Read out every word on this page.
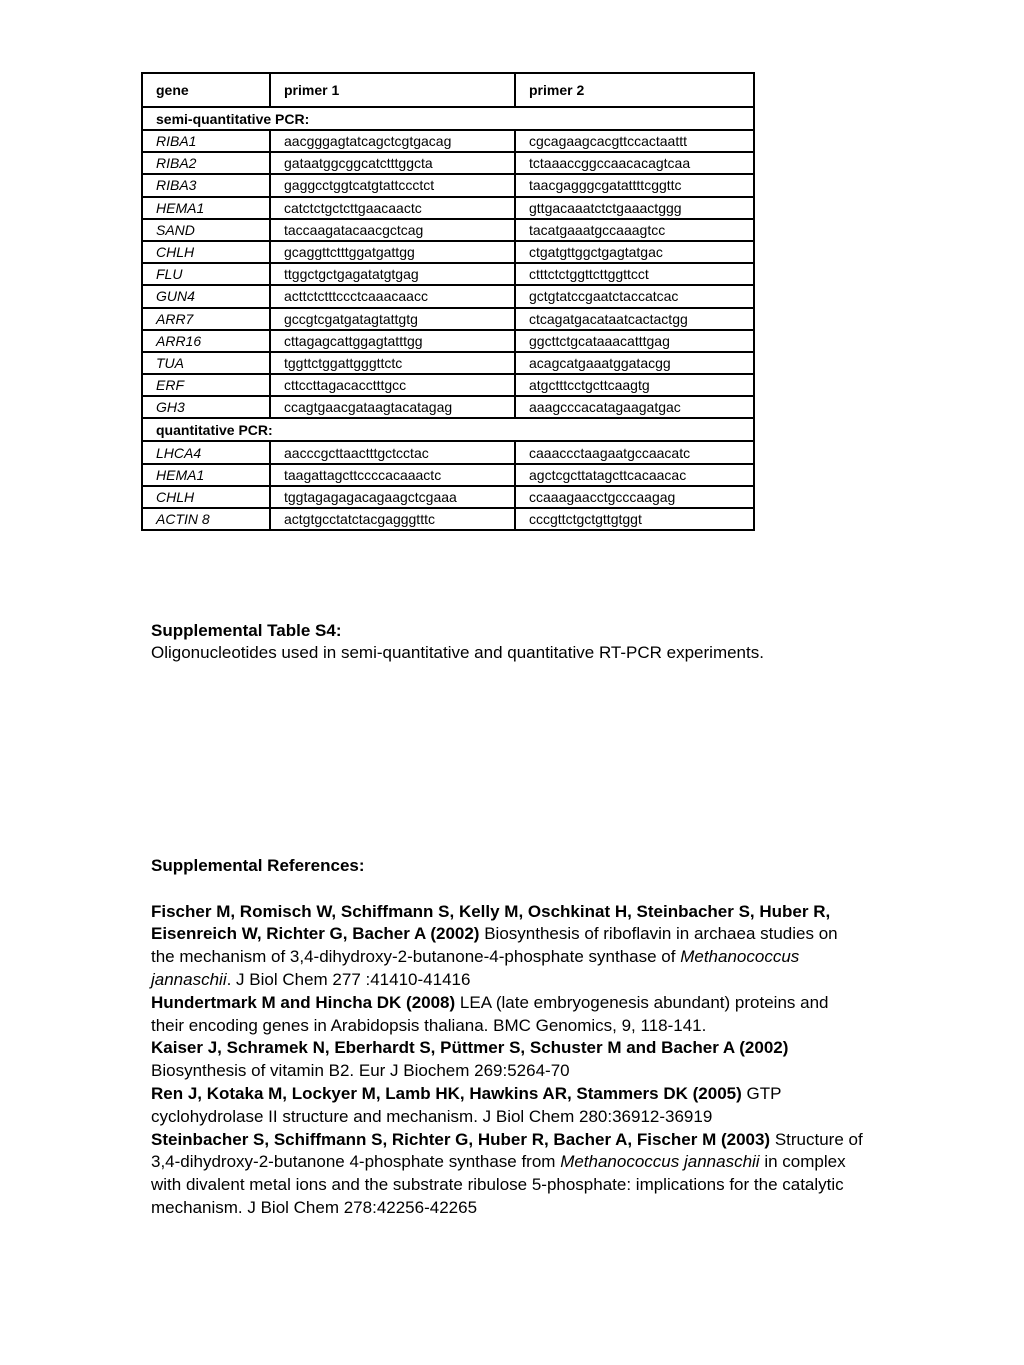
gene	primer 1	primer 2
semi-quantitative PCR:		
RIBA1	aacgggagtatcagctcgtgacag	cgcagaagcacgttccactaattt
RIBA2	gataatggcggcatctttggcta	tctaaaccggccaacacagtcaa
RIBA3	gaggcctggtcatgtattccctct	taacgagggcgatattttcggttc
HEMA1	catctctgctcttgaacaactc	gttgacaaatctctgaaactggg
SAND	taccaagatacaacgctcag	tacatgaaatgccaaagtcc
CHLH	gcaggttctttggatgattgg	ctgatgttggctgagtatgac
FLU	ttggctgctgagatatgtgag	ctttctctggttcttggttcct
GUN4	acttctctttccctcaaacaacc	gctgtatccgaatctaccatcac
ARR7	gccgtcgatgatagtattgtg	ctcagatgacataatcactactgg
ARR16	cttagagcattggagtatttgg	ggcttctgcataaacatttgag
TUA	tggttctggattgggttctc	acagcatgaaatggatacgg
ERF	cttccttagacacctttgcc	atgctttcctgcttcaagtg
GH3	ccagtgaacgataagtacatagag	aaagcccacatagaagatgac
quantitative PCR:		
LHCA4	aacccgcttaactttgctcctac	caaaccctaagaatgccaacatc
HEMA1	taagattagcttccccacaaactc	agctcgcttatagcttcacaacac
CHLH	tggtagagagacagaagctcgaaa	ccaaagaacctgcccaagag
ACTIN 8	actgtgcctatctacgagggtttc	cccgttctgctgttgtggt
Supplemental Table S4:
Oligonucleotides used in semi-quantitative and quantitative RT-PCR experiments.
Supplemental References:

Fischer M, Romisch W, Schiffmann S, Kelly M, Oschkinat H, Steinbacher S, Huber R, Eisenreich W, Richter G, Bacher A (2002) Biosynthesis of riboflavin in archaea studies on the mechanism of 3,4-dihydroxy-2-butanone-4-phosphate synthase of Methanococcus jannaschii. J Biol Chem 277 :41410-41416

Hundertmark M and Hincha DK (2008) LEA (late embryogenesis abundant) proteins and their encoding genes in Arabidopsis thaliana. BMC Genomics, 9, 118-141.

Kaiser J, Schramek N, Eberhardt S, Püttmer S, Schuster M and Bacher A (2002) Biosynthesis of vitamin B2. Eur J Biochem 269:5264-70

Ren J, Kotaka M, Lockyer M, Lamb HK, Hawkins AR, Stammers DK (2005) GTP cyclohydrolase II structure and mechanism. J Biol Chem 280:36912-36919

Steinbacher S, Schiffmann S, Richter G, Huber R, Bacher A, Fischer M (2003) Structure of 3,4-dihydroxy-2-butanone 4-phosphate synthase from Methanococcus jannaschii in complex with divalent metal ions and the substrate ribulose 5-phosphate: implications for the catalytic mechanism. J Biol Chem 278:42256-42265
